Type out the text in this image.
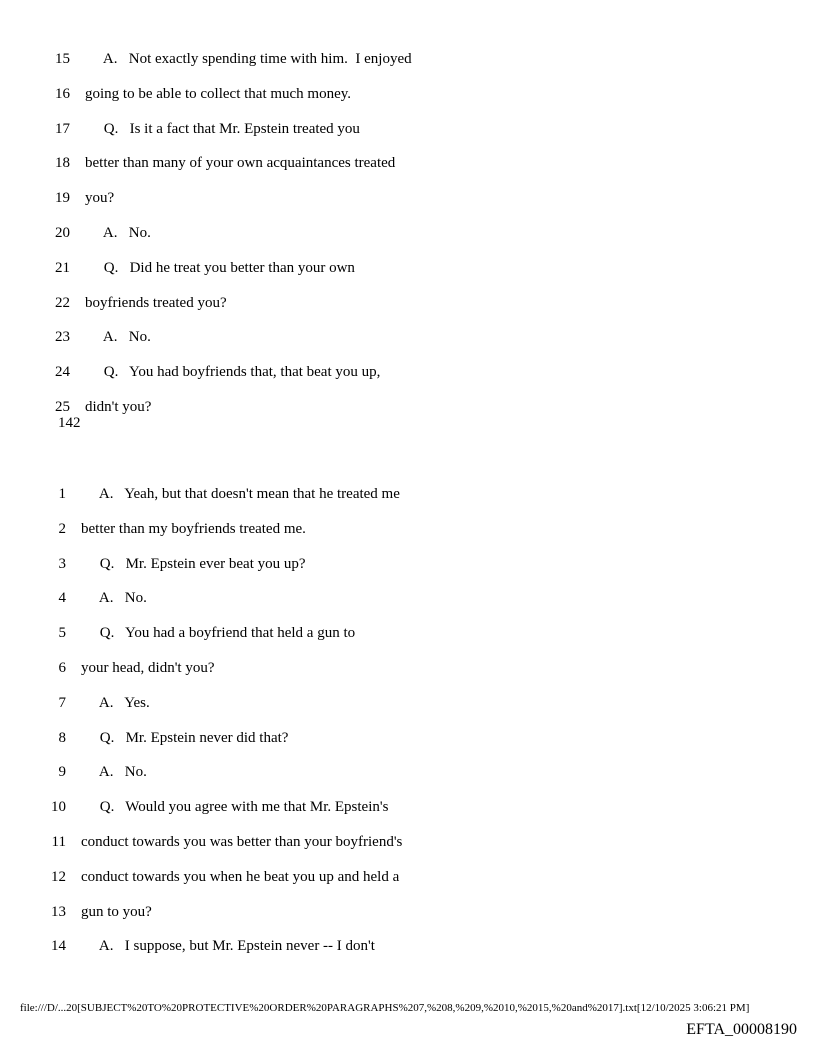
15 A.   Not exactly spending time with him.  I enjoyed
16 going to be able to collect that much money.
17 Q.   Is it a fact that Mr. Epstein treated you
18 better than many of your own acquaintances treated
19 you?
20 A.   No.
21 Q.   Did he treat you better than your own
22 boyfriends treated you?
23 A.   No.
24 Q.   You had boyfriends that, that beat you up,
25 didn't you?
142
1 A.   Yeah, but that doesn't mean that he treated me
2 better than my boyfriends treated me.
3 Q.   Mr. Epstein ever beat you up?
4 A.   No.
5 Q.   You had a boyfriend that held a gun to
6 your head, didn't you?
7 A.   Yes.
8 Q.   Mr. Epstein never did that?
9 A.   No.
10 Q.   Would you agree with me that Mr. Epstein's
11 conduct towards you was better than your boyfriend's
12 conduct towards you when he beat you up and held a
13 gun to you?
14 A.   I suppose, but Mr. Epstein never -- I don't
file:///D/...20[SUBJECT%20TO%20PROTECTIVE%20ORDER%20PARAGRAPHS%207,%208,%209,%2010,%2015,%20and%2017].txt[12/10/2025 3:06:21 PM]
EFTA_00008190
